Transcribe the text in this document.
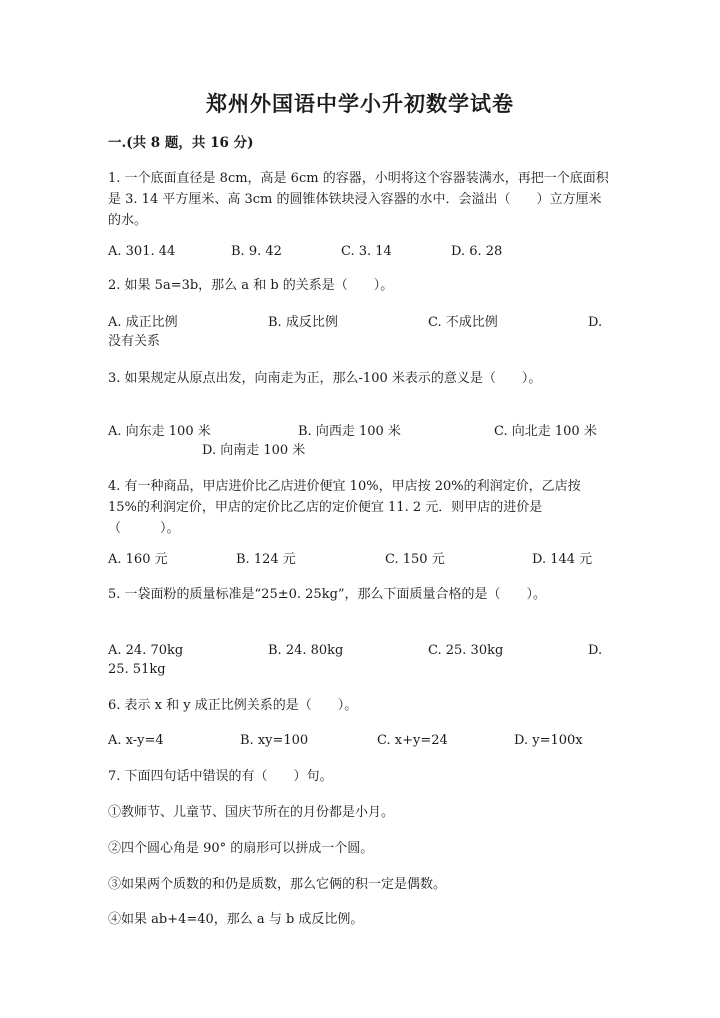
郑州外国语中学小升初数学试卷
一.(共 8 题，共 16 分)
1. 一个底面直径是 8cm，高是 6cm 的容器，小明将这个容器装满水，再把一个底面积是 3. 14 平方厘米、高 3cm 的圆锥体铁块浸入容器的水中．会溢出（　　）立方厘米的水。
A. 301. 44	B. 9. 42	C. 3. 14	D. 6. 28
2. 如果 5a=3b，那么 a 和 b 的关系是（　　）。
A. 成正比例	B. 成反比例	C. 不成比例	D. 没有关系
3. 如果规定从原点出发，向南走为正，那么-100 米表示的意义是（　　）。
A. 向东走 100 米	B. 向西走 100 米	C. 向北走 100 米
D. 向南走 100 米
4. 有一种商品，甲店进价比乙店进价便宜 10%，甲店按 20%的利润定价，乙店按 15%的利润定价，甲店的定价比乙店的定价便宜 11. 2 元．则甲店的进价是（　　　）。
A. 160 元	B. 124 元	C. 150 元	D. 144 元
5. 一袋面粉的质量标准是“25±0. 25kg”，那么下面质量合格的是（　　）。
A. 24. 70kg	B. 24. 80kg	C. 25. 30kg	D. 25. 51kg
6. 表示 x 和 y 成正比例关系的是（　　）。
A. x-y=4	B. xy=100	C. x+y=24	D. y=100x
7. 下面四句话中错误的有（　　）句。
①教师节、儿童节、国庆节所在的月份都是小月。
②四个圆心角是 90° 的扇形可以拼成一个圆。
③如果两个质数的和仍是质数，那么它俩的积一定是偶数。
④如果 ab+4=40，那么 a 与 b 成反比例。
